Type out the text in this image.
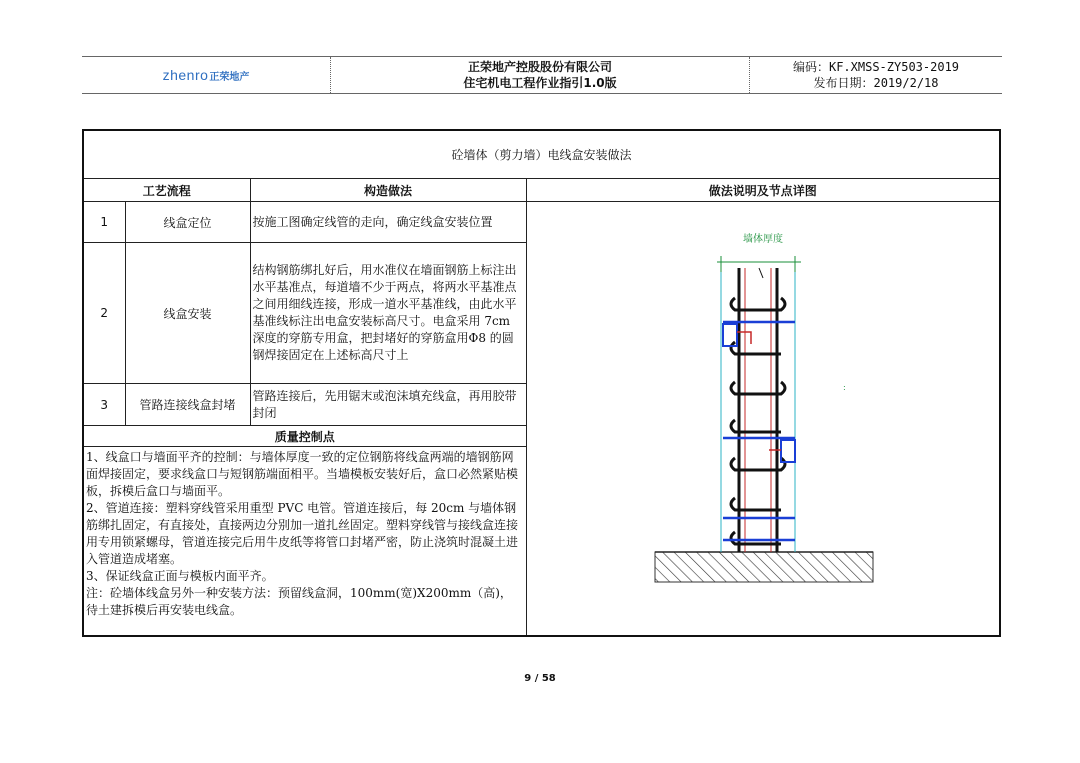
zhenro 正荣地产
正荣地产控股股份有限公司
住宅机电工程作业指引1.0版
编码：KF.XMSS-ZY503-2019
发布日期：2019/2/18
砼墙体（剪力墙）电线盒安装做法			
工艺流程		构造做法	做法说明及节点详图
1	线盒定位	按施工图确定线管的走向，确定线盒安装位置	墙体厚度
:

2	线盒安装	结构钢筋绑扎好后，用水准仪在墙面钢筋上标注出水平基准点，每道墙不少于两点，将两水平基准点之间用细线连接，形成一道水平基准线，由此水平基准线标注出电盒安装标高尺寸。电盒采用 7cm 深度的穿筋专用盒，把封堵好的穿筋盒用Φ8 的圆钢焊接固定在上述标高尺寸上	
3	管路连接线盒封堵	管路连接后，先用锯末或泡沫填充线盒，再用胶带封闭	
质量控制点			

1、线盒口与墙面平齐的控制：与墙体厚度一致的定位钢筋将线盒两端的墙钢筋网面焊接固定，要求线盒口与短钢筋端面相平。当墙模板安装好后，盒口必然紧贴模板，拆模后盒口与墙面平。

2、管道连接：塑料穿线管采用重型 PVC 电管。管道连接后，每 20cm 与墙体钢筋绑扎固定，有直接处，直接两边分别加一道扎丝固定。塑料穿线管与接线盒连接用专用锁紧螺母，管道连接完后用牛皮纸等将管口封堵严密，防止浇筑时混凝土进入管道造成堵塞。

3、保证线盒正面与模板内面平齐。

注：砼墙体线盒另外一种安装方法：预留线盒洞，100mm(宽)X200mm（高)，待土建拆模后再安装电线盒。			

9 / 58
